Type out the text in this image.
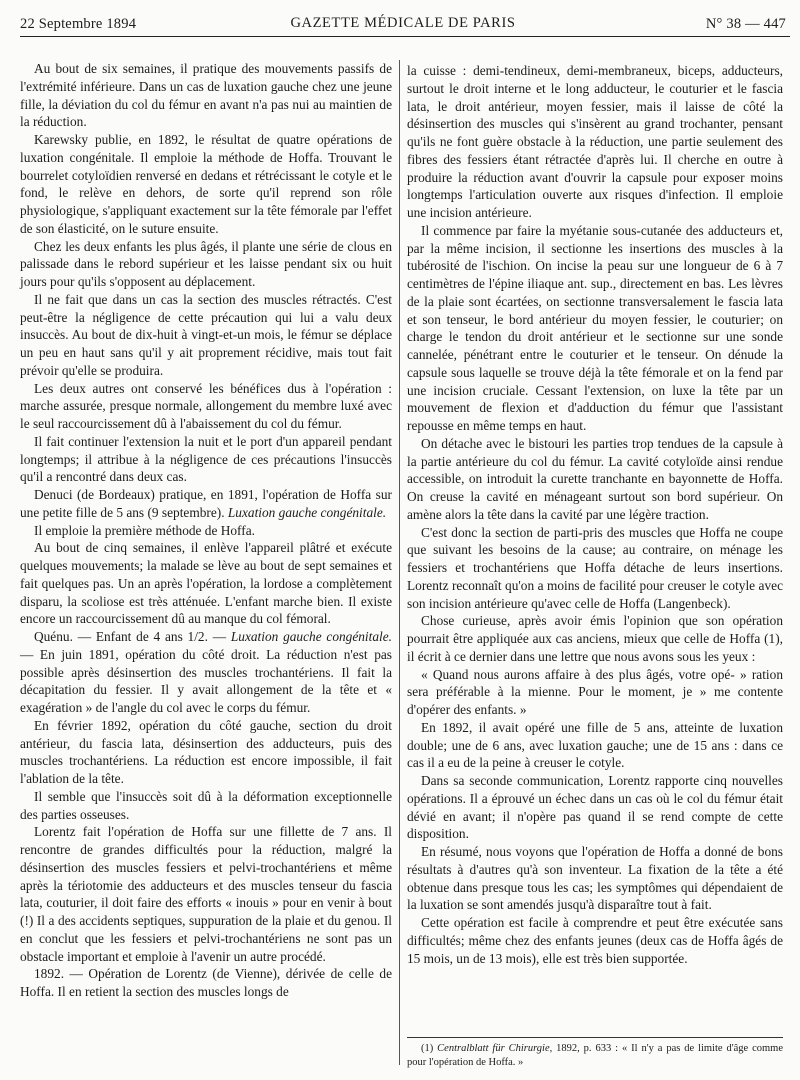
22 Septembre 1894	GAZETTE MÉDICALE DE PARIS	N° 38 — 447

Au bout de six semaines, il pratique des mouvements passifs de l'extrémité inférieure. Dans un cas de luxation gauche chez une jeune fille, la déviation du col du fémur en avant n'a pas nui au maintien de la réduction.

Karewsky publie, en 1892, le résultat de quatre opérations de luxation congénitale. Il emploie la méthode de Hoffa. Trouvant le bourrelet cotyloïdien renversé en dedans et rétrécissant le cotyle et le fond, le relève en dehors, de sorte qu'il reprend son rôle physiologique, s'appliquant exactement sur la tête fémorale par l'effet de son élasticité, on le suture ensuite.

Chez les deux enfants les plus âgés, il plante une série de clous en palissade dans le rebord supérieur et les laisse pendant six ou huit jours pour qu'ils s'opposent au déplacement.

Il ne fait que dans un cas la section des muscles rétractés. C'est peut-être la négligence de cette précaution qui lui a valu deux insuccès. Au bout de dix-huit à vingt-et-un mois, le fémur se déplace un peu en haut sans qu'il y ait proprement récidive, mais tout fait prévoir qu'elle se produira.

Les deux autres ont conservé les bénéfices dus à l'opération : marche assurée, presque normale, allongement du membre luxé avec le seul raccourcissement dû à l'abaissement du col du fémur.

Il fait continuer l'extension la nuit et le port d'un appareil pendant longtemps; il attribue à la négligence de ces précautions l'insuccès qu'il a rencontré dans deux cas.

Denuci (de Bordeaux) pratique, en 1891, l'opération de Hoffa sur une petite fille de 5 ans (9 septembre). Luxation gauche congénitale.

Il emploie la première méthode de Hoffa.

Au bout de cinq semaines, il enlève l'appareil plâtré et exécute quelques mouvements; la malade se lève au bout de sept semaines et fait quelques pas. Un an après l'opération, la lordose a complètement disparu, la scoliose est très atténuée. L'enfant marche bien. Il existe encore un raccourcissement dû au manque du col fémoral.

Quénu. — Enfant de 4 ans 1/2. — Luxation gauche congénitale. — En juin 1891, opération du côté droit. La réduction n'est pas possible après désinsertion des muscles trochantériens. Il fait la décapitation du fessier. Il y avait allongement de la tête et « exagération » de l'angle du col avec le corps du fémur.

En février 1892, opération du côté gauche, section du droit antérieur, du fascia lata, désinsertion des adducteurs, puis des muscles trochantériens. La réduction est encore impossible, il fait l'ablation de la tête.

Il semble que l'insuccès soit dû à la déformation exceptionnelle des parties osseuses.

Lorentz fait l'opération de Hoffa sur une fillette de 7 ans. Il rencontre de grandes difficultés pour la réduction, malgré la désinsertion des muscles fessiers et pelvi-trochantériens et même après la tériotomie des adducteurs et des muscles tenseur du fascia lata, couturier, il doit faire des efforts « inouis » pour en venir à bout (!) Il a des accidents septiques, suppuration de la plaie et du genou. Il en conclut que les fessiers et pelvi-trochantériens ne sont pas un obstacle important et emploie à l'avenir un autre procédé.

1892. — Opération de Lorentz (de Vienne), dérivée de celle de Hoffa. Il en retient la section des muscles longs de

la cuisse : demi-tendineux, demi-membraneux, biceps, adducteurs, surtout le droit interne et le long adducteur, le couturier et le fascia lata, le droit antérieur, moyen fessier, mais il laisse de côté la désinsertion des muscles qui s'insèrent au grand trochanter, pensant qu'ils ne font guère obstacle à la réduction, une partie seulement des fibres des fessiers étant rétractée d'après lui. Il cherche en outre à produire la réduction avant d'ouvrir la capsule pour exposer moins longtemps l'articulation ouverte aux risques d'infection. Il emploie une incision antérieure.

Il commence par faire la myétanie sous-cutanée des adducteurs et, par la même incision, il sectionne les insertions des muscles à la tubérosité de l'ischion. On incise la peau sur une longueur de 6 à 7 centimètres de l'épine iliaque ant. sup., directement en bas. Les lèvres de la plaie sont écartées, on sectionne transversalement le fascia lata et son tenseur, le bord antérieur du moyen fessier, le couturier; on charge le tendon du droit antérieur et le sectionne sur une sonde cannelée, pénétrant entre le couturier et le tenseur. On dénude la capsule sous laquelle se trouve déjà la tête fémorale et on la fend par une incision cruciale. Cessant l'extension, on luxe la tête par un mouvement de flexion et d'adduction du fémur que l'assistant repousse en même temps en haut.

On détache avec le bistouri les parties trop tendues de la capsule à la partie antérieure du col du fémur. La cavité cotyloïde ainsi rendue accessible, on introduit la curette tranchante en bayonnette de Hoffa. On creuse la cavité en ménageant surtout son bord supérieur. On amène alors la tête dans la cavité par une légère traction.

C'est donc la section de parti-pris des muscles que Hoffa ne coupe que suivant les besoins de la cause; au contraire, on ménage les fessiers et trochantériens que Hoffa détache de leurs insertions. Lorentz reconnaît qu'on a moins de facilité pour creuser le cotyle avec son incision antérieure qu'avec celle de Hoffa (Langenbeck).

Chose curieuse, après avoir émis l'opinion que son opération pourrait être appliquée aux cas anciens, mieux que celle de Hoffa (1), il écrit à ce dernier dans une lettre que nous avons sous les yeux :

« Quand nous aurons affaire à des plus âgés, votre opé- » ration sera préférable à la mienne. Pour le moment, je » me contente d'opérer des enfants. »

En 1892, il avait opéré une fille de 5 ans, atteinte de luxation double; une de 6 ans, avec luxation gauche; une de 15 ans : dans ce cas il a eu de la peine à creuser le cotyle.

Dans sa seconde communication, Lorentz rapporte cinq nouvelles opérations. Il a éprouvé un échec dans un cas où le col du fémur était dévié en avant; il n'opère pas quand il se rend compte de cette disposition.

En résumé, nous voyons que l'opération de Hoffa a donné de bons résultats à d'autres qu'à son inventeur. La fixation de la tête a été obtenue dans presque tous les cas; les symptômes qui dépendaient de la luxation se sont amendés jusqu'à disparaître tout à fait.

Cette opération est facile à comprendre et peut être exécutée sans difficultés; même chez des enfants jeunes (deux cas de Hoffa âgés de 15 mois, un de 13 mois), elle est très bien supportée.

(1) Centralblatt für Chirurgie, 1892, p. 633 : « Il n'y a pas de limite d'âge comme pour l'opération de Hoffa. »
